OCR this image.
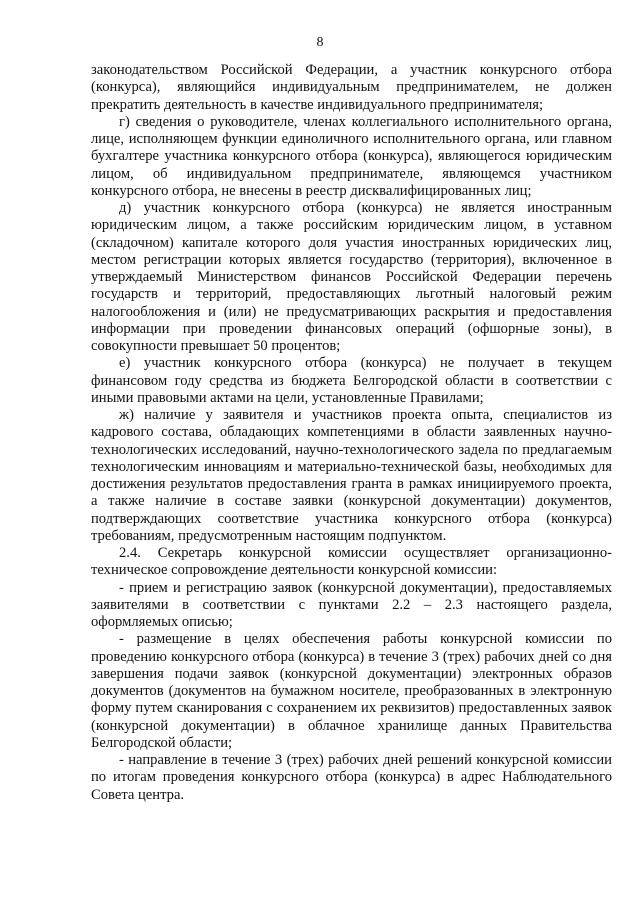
8

законодательством Российской Федерации, а участник конкурсного отбора (конкурса), являющийся индивидуальным предпринимателем, не должен прекратить деятельность в качестве индивидуального предпринимателя;

г) сведения о руководителе, членах коллегиального исполнительного органа, лице, исполняющем функции единоличного исполнительного органа, или главном бухгалтере участника конкурсного отбора (конкурса), являющегося юридическим лицом, об индивидуальном предпринимателе, являющемся участником конкурсного отбора, не внесены в реестр дисквалифицированных лиц;

д) участник конкурсного отбора (конкурса) не является иностранным юридическим лицом, а также российским юридическим лицом, в уставном (складочном) капитале которого доля участия иностранных юридических лиц, местом регистрации которых является государство (территория), включенное в утверждаемый Министерством финансов Российской Федерации перечень государств и территорий, предоставляющих льготный налоговый режим налогообложения и (или) не предусматривающих раскрытия и предоставления информации при проведении финансовых операций (офшорные зоны), в совокупности превышает 50 процентов;

е) участник конкурсного отбора (конкурса) не получает в текущем финансовом году средства из бюджета Белгородской области в соответствии с иными правовыми актами на цели, установленные Правилами;

ж) наличие у заявителя и участников проекта опыта, специалистов из кадрового состава, обладающих компетенциями в области заявленных научно-технологических исследований, научно-технологического задела по предлагаемым технологическим инновациям и материально-технической базы, необходимых для достижения результатов предоставления гранта в рамках инициируемого проекта, а также наличие в составе заявки (конкурсной документации) документов, подтверждающих соответствие участника конкурсного отбора (конкурса) требованиям, предусмотренным настоящим подпунктом.

2.4. Секретарь конкурсной комиссии осуществляет организационно-техническое сопровождение деятельности конкурсной комиссии:

- прием и регистрацию заявок (конкурсной документации), предоставляемых заявителями в соответствии с пунктами 2.2 – 2.3 настоящего раздела, оформляемых описью;

- размещение в целях обеспечения работы конкурсной комиссии по проведению конкурсного отбора (конкурса) в течение 3 (трех) рабочих дней со дня завершения подачи заявок (конкурсной документации) электронных образов документов (документов на бумажном носителе, преобразованных в электронную форму путем сканирования с сохранением их реквизитов) предоставленных заявок (конкурсной документации) в облачное хранилище данных Правительства Белгородской области;

- направление в течение 3 (трех) рабочих дней решений конкурсной комиссии по итогам проведения конкурсного отбора (конкурса) в адрес Наблюдательного Совета центра.
